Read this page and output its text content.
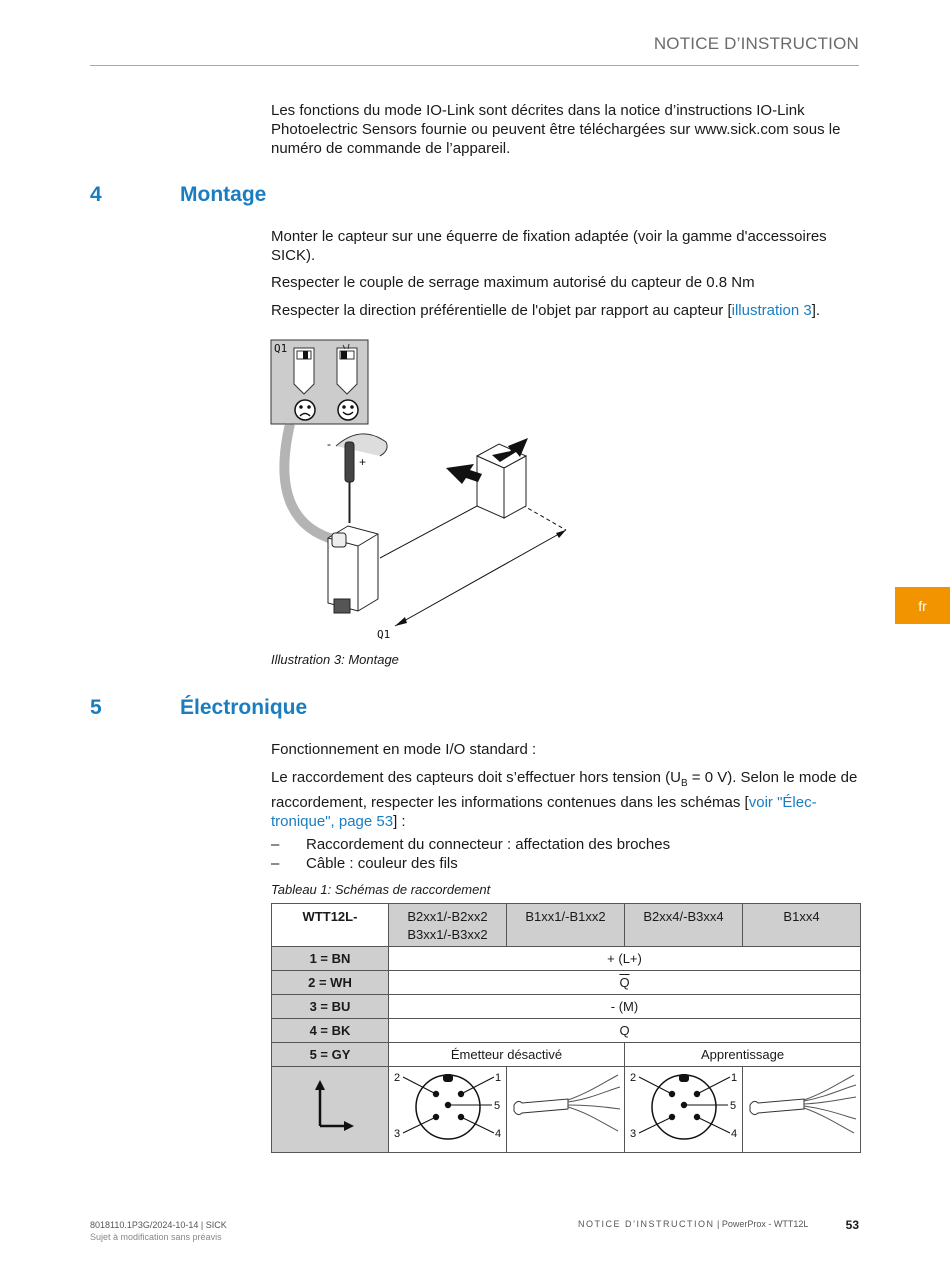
NOTICE D’INSTRUCTION
Les fonctions du mode IO-Link sont décrites dans la notice d’instructions IO-Link Photoelectric Sensors fournie ou peuvent être téléchargées sur www.sick.com sous le numéro de commande de l’appareil.
4	Montage
Monter le capteur sur une équerre de fixation adaptée (voir la gamme d'accessoires SICK).
Respecter le couple de serrage maximum autorisé du capteur de 0.8 Nm
Respecter la direction préférentielle de l'objet par rapport au capteur [illustration 3].
Q1
-
+
Q1
Illustration 3: Montage
5	Électronique
Fonctionnement en mode I/O standard :
Le raccordement des capteurs doit s’effectuer hors tension ($U_B = 0$ V). Selon le mode de raccordement, respecter les informations contenues dans les schémas [voir "Électronique", page 53] :
– Raccordement du connecteur : affectation des broches
– Câble : couleur des fils
Tableau 1: Schémas de raccordement
WTT12L-	B2xx1/-B2xx2
B3xx1/-B3xx2	B1xx1/-B1xx2	B2xx4/-B3xx4	B1xx4
1 = BN	+ (L+)			
2 = WH	$\overline{Q}$
3 = BU	- (M)			
4 = BK	Q			
5 = GY	Émetteur désactivé		Apprentissage	

2 1
5
3 4		2 1
5
3 4

fr
8018110.1P3G/2024-10-14 | SICK
Sujet à modification sans préavis
NOTICE D’INSTRUCTION | PowerProx - WTT12L	53
